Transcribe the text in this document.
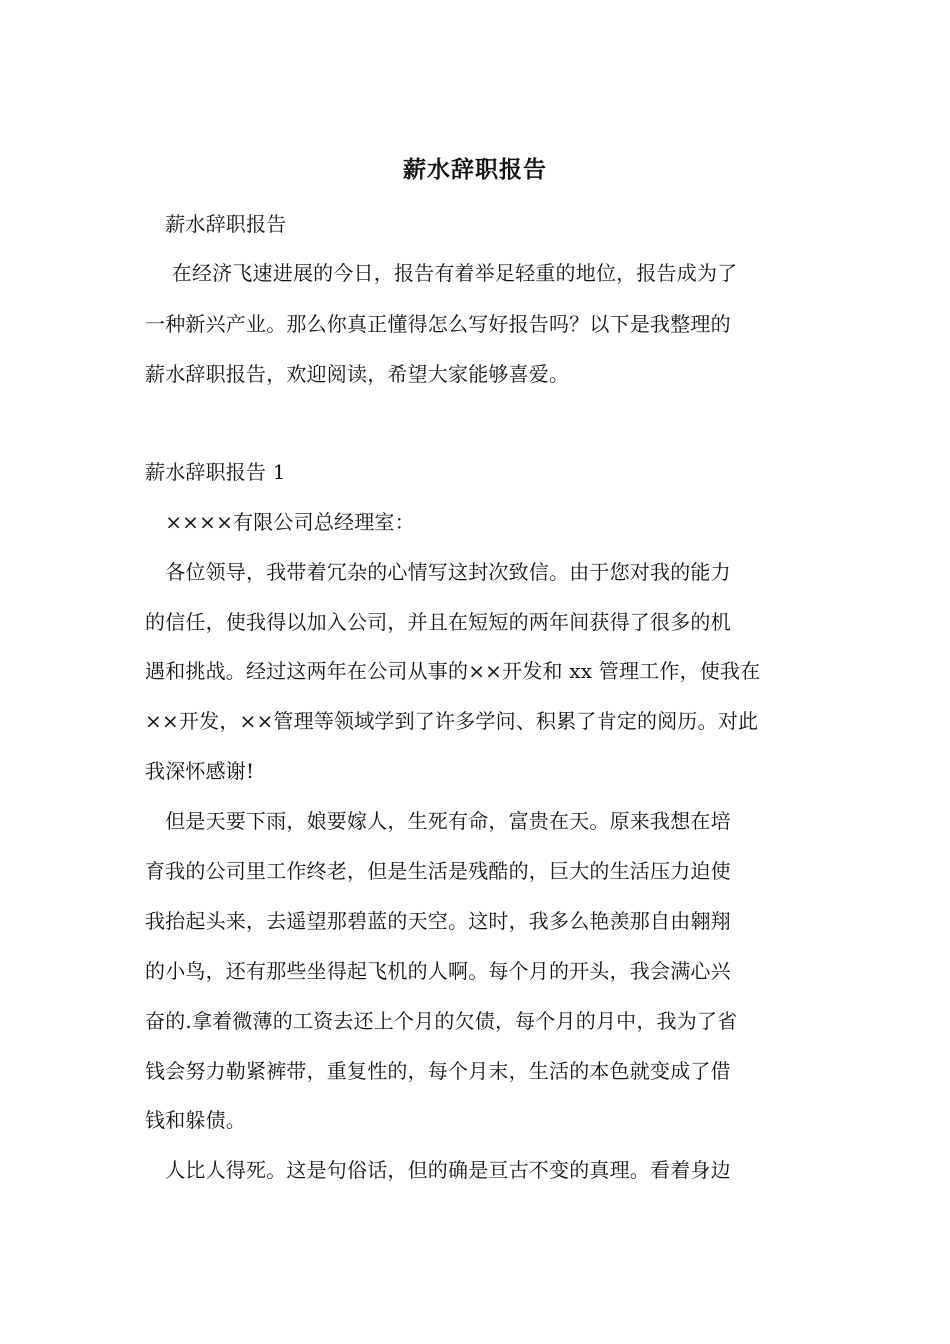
薪水辞职报告
　薪水辞职报告
　 在经济飞速进展的今日，报告有着举足轻重的地位，报告成为了
一种新兴产业。那么你真正懂得怎么写好报告吗？以下是我整理的
薪水辞职报告，欢迎阅读，希望大家能够喜爱。
薪水辞职报告 1
　××××有限公司总经理室：
　各位领导，我带着冗杂的心情写这封次致信。由于您对我的能力
的信任，使我得以加入公司，并且在短短的两年间获得了很多的机
遇和挑战。经过这两年在公司从事的××开发和 xx 管理工作，使我在
××开发，××管理等领域学到了许多学问、积累了肯定的阅历。对此
我深怀感谢!
　但是天要下雨，娘要嫁人，生死有命，富贵在天。原来我想在培
育我的公司里工作终老，但是生活是残酷的，巨大的生活压力迫使
我抬起头来，去遥望那碧蓝的天空。这时，我多么艳羡那自由翱翔
的小鸟，还有那些坐得起飞机的人啊。每个月的开头，我会满心兴
奋的.拿着微薄的工资去还上个月的欠债，每个月的月中，我为了省
钱会努力勒紧裤带，重复性的，每个月末，生活的本色就变成了借
钱和躲债。
　人比人得死。这是句俗话，但的确是亘古不变的真理。看着身边
